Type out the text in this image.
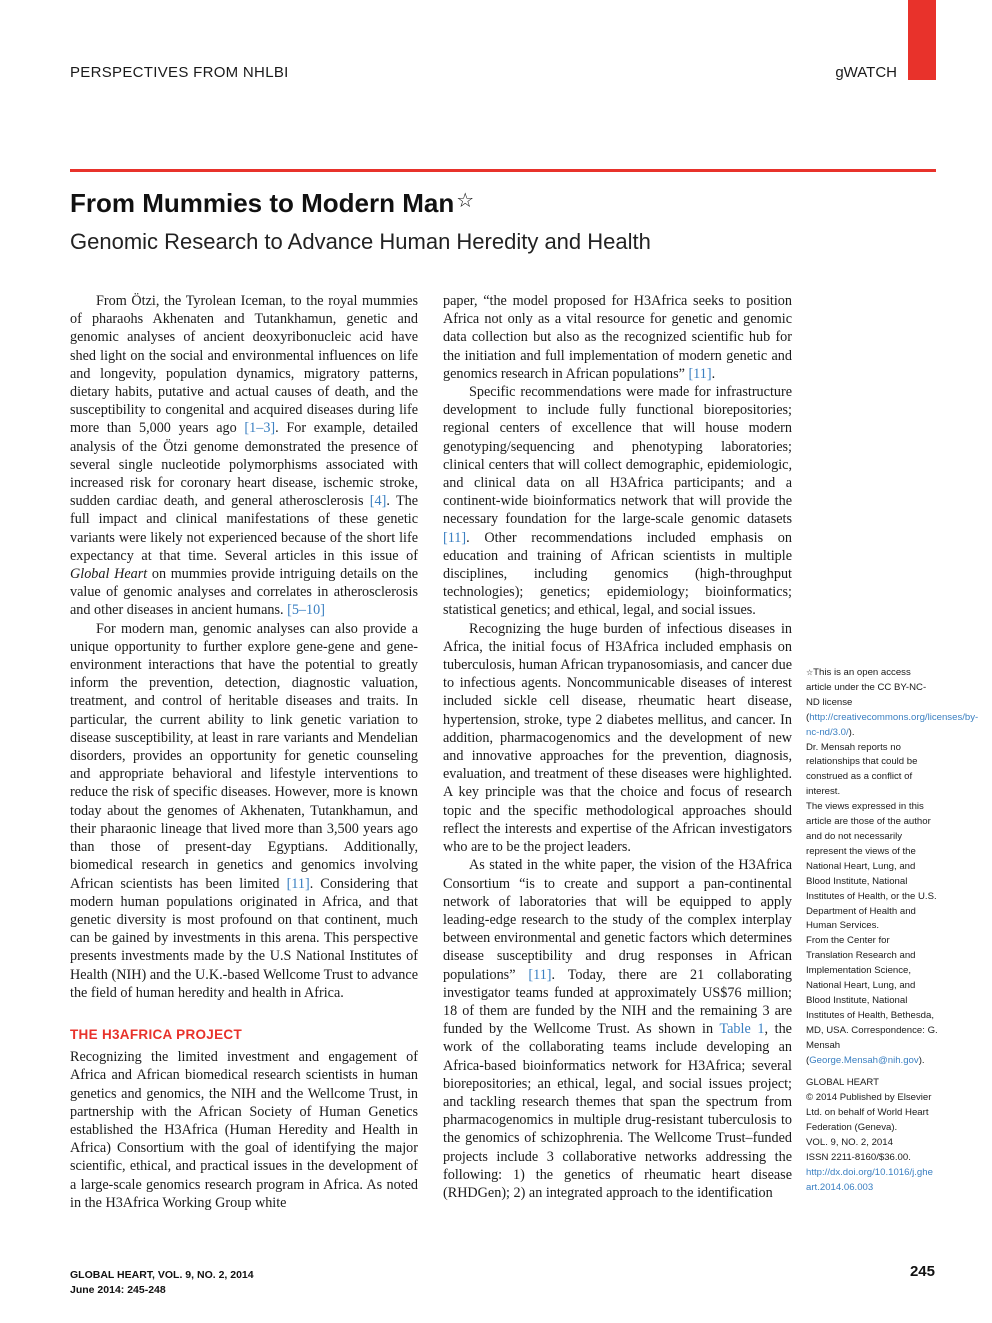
PERSPECTIVES FROM NHLBI	gWATCH
From Mummies to Modern Man ☆
Genomic Research to Advance Human Heredity and Health

From Ötzi, the Tyrolean Iceman, to the royal mummies of pharaohs Akhenaten and Tutankhamun, genetic and genomic analyses of ancient deoxyribonucleic acid have shed light on the social and environmental influences on life and longevity, population dynamics, migratory patterns, dietary habits, putative and actual causes of death, and the susceptibility to congenital and acquired diseases during life more than 5,000 years ago [1–3]. For example, detailed analysis of the Ötzi genome demonstrated the presence of several single nucleotide polymorphisms associated with increased risk for coronary heart disease, ischemic stroke, sudden cardiac death, and general atherosclerosis [4]. The full impact and clinical manifestations of these genetic variants were likely not experienced because of the short life expectancy at that time. Several articles in this issue of Global Heart on mummies provide intriguing details on the value of genomic analyses and correlates in atherosclerosis and other diseases in ancient humans. [5–10]

For modern man, genomic analyses can also provide a unique opportunity to further explore gene-gene and gene-environment interactions that have the potential to greatly inform the prevention, detection, diagnostic valuation, treatment, and control of heritable diseases and traits. In particular, the current ability to link genetic variation to disease susceptibility, at least in rare variants and Mendelian disorders, provides an opportunity for genetic counseling and appropriate behavioral and lifestyle interventions to reduce the risk of specific diseases. However, more is known today about the genomes of Akhenaten, Tutankhamun, and their pharaonic lineage that lived more than 3,500 years ago than those of present-day Egyptians. Additionally, biomedical research in genetics and genomics involving African scientists has been limited [11]. Considering that modern human populations originated in Africa, and that genetic diversity is most profound on that continent, much can be gained by investments in this arena. This perspective presents investments made by the U.S National Institutes of Health (NIH) and the U.K.-based Wellcome Trust to advance the field of human heredity and health in Africa.

THE H3AFRICA PROJECT

Recognizing the limited investment and engagement of Africa and African biomedical research scientists in human genetics and genomics, the NIH and the Wellcome Trust, in partnership with the African Society of Human Genetics established the H3Africa (Human Heredity and Health in Africa) Consortium with the goal of identifying the major scientific, ethical, and practical issues in the development of a large-scale genomics research program in Africa. As noted in the H3Africa Working Group white

paper, “the model proposed for H3Africa seeks to position Africa not only as a vital resource for genetic and genomic data collection but also as the recognized scientific hub for the initiation and full implementation of modern genetic and genomics research in African populations” [11].

Specific recommendations were made for infrastructure development to include fully functional biorepositories; regional centers of excellence that will house modern genotyping/sequencing and phenotyping laboratories; clinical centers that will collect demographic, epidemiologic, and clinical data on all H3Africa participants; and a continent-wide bioinformatics network that will provide the necessary foundation for the large-scale genomic datasets [11]. Other recommendations included emphasis on education and training of African scientists in multiple disciplines, including genomics (high-throughput technologies); genetics; epidemiology; bioinformatics; statistical genetics; and ethical, legal, and social issues.

Recognizing the huge burden of infectious diseases in Africa, the initial focus of H3Africa included emphasis on tuberculosis, human African trypanosomiasis, and cancer due to infectious agents. Noncommunicable diseases of interest included sickle cell disease, rheumatic heart disease, hypertension, stroke, type 2 diabetes mellitus, and cancer. In addition, pharmacogenomics and the development of new and innovative approaches for the prevention, diagnosis, evaluation, and treatment of these diseases were highlighted. A key principle was that the choice and focus of research topic and the specific methodological approaches should reflect the interests and expertise of the African investigators who are to be the project leaders.

As stated in the white paper, the vision of the H3Africa Consortium “is to create and support a pan-continental network of laboratories that will be equipped to apply leading-edge research to the study of the complex interplay between environmental and genetic factors which determines disease susceptibility and drug responses in African populations” [11]. Today, there are 21 collaborating investigator teams funded at approximately US$76 million; 18 of them are funded by the NIH and the remaining 3 are funded by the Wellcome Trust. As shown in Table 1, the work of the collaborating teams include developing an Africa-based bioinformatics network for H3Africa; several biorepositories; an ethical, legal, and social issues project; and tackling research themes that span the spectrum from pharmacogenomics in multiple drug-resistant tuberculosis to the genomics of schizophrenia. The Wellcome Trust–funded projects include 3 collaborative networks addressing the following: 1) the genetics of rheumatic heart disease (RHDGen); 2) an integrated approach to the identification

☆This is an open access article under the CC BY-NC-ND license (http://creativecommons.org/licenses/by-nc-nd/3.0/).

Dr. Mensah reports no relationships that could be construed as a conflict of interest.

The views expressed in this article are those of the author and do not necessarily represent the views of the National Heart, Lung, and Blood Institute, National Institutes of Health, or the U.S. Department of Health and Human Services.

From the Center for Translation Research and Implementation Science, National Heart, Lung, and Blood Institute, National Institutes of Health, Bethesda, MD, USA. Correspondence: G. Mensah (George.Mensah@nih.gov).

GLOBAL HEART

© 2014 Published by Elsevier Ltd. on behalf of World Heart Federation (Geneva).

VOL. 9, NO. 2, 2014

ISSN 2211-8160/$36.00.

http://dx.doi.org/10.1016/j.gheart.2014.06.003

GLOBAL HEART, VOL. 9, NO. 2, 2014
June 2014: 245-248
245
